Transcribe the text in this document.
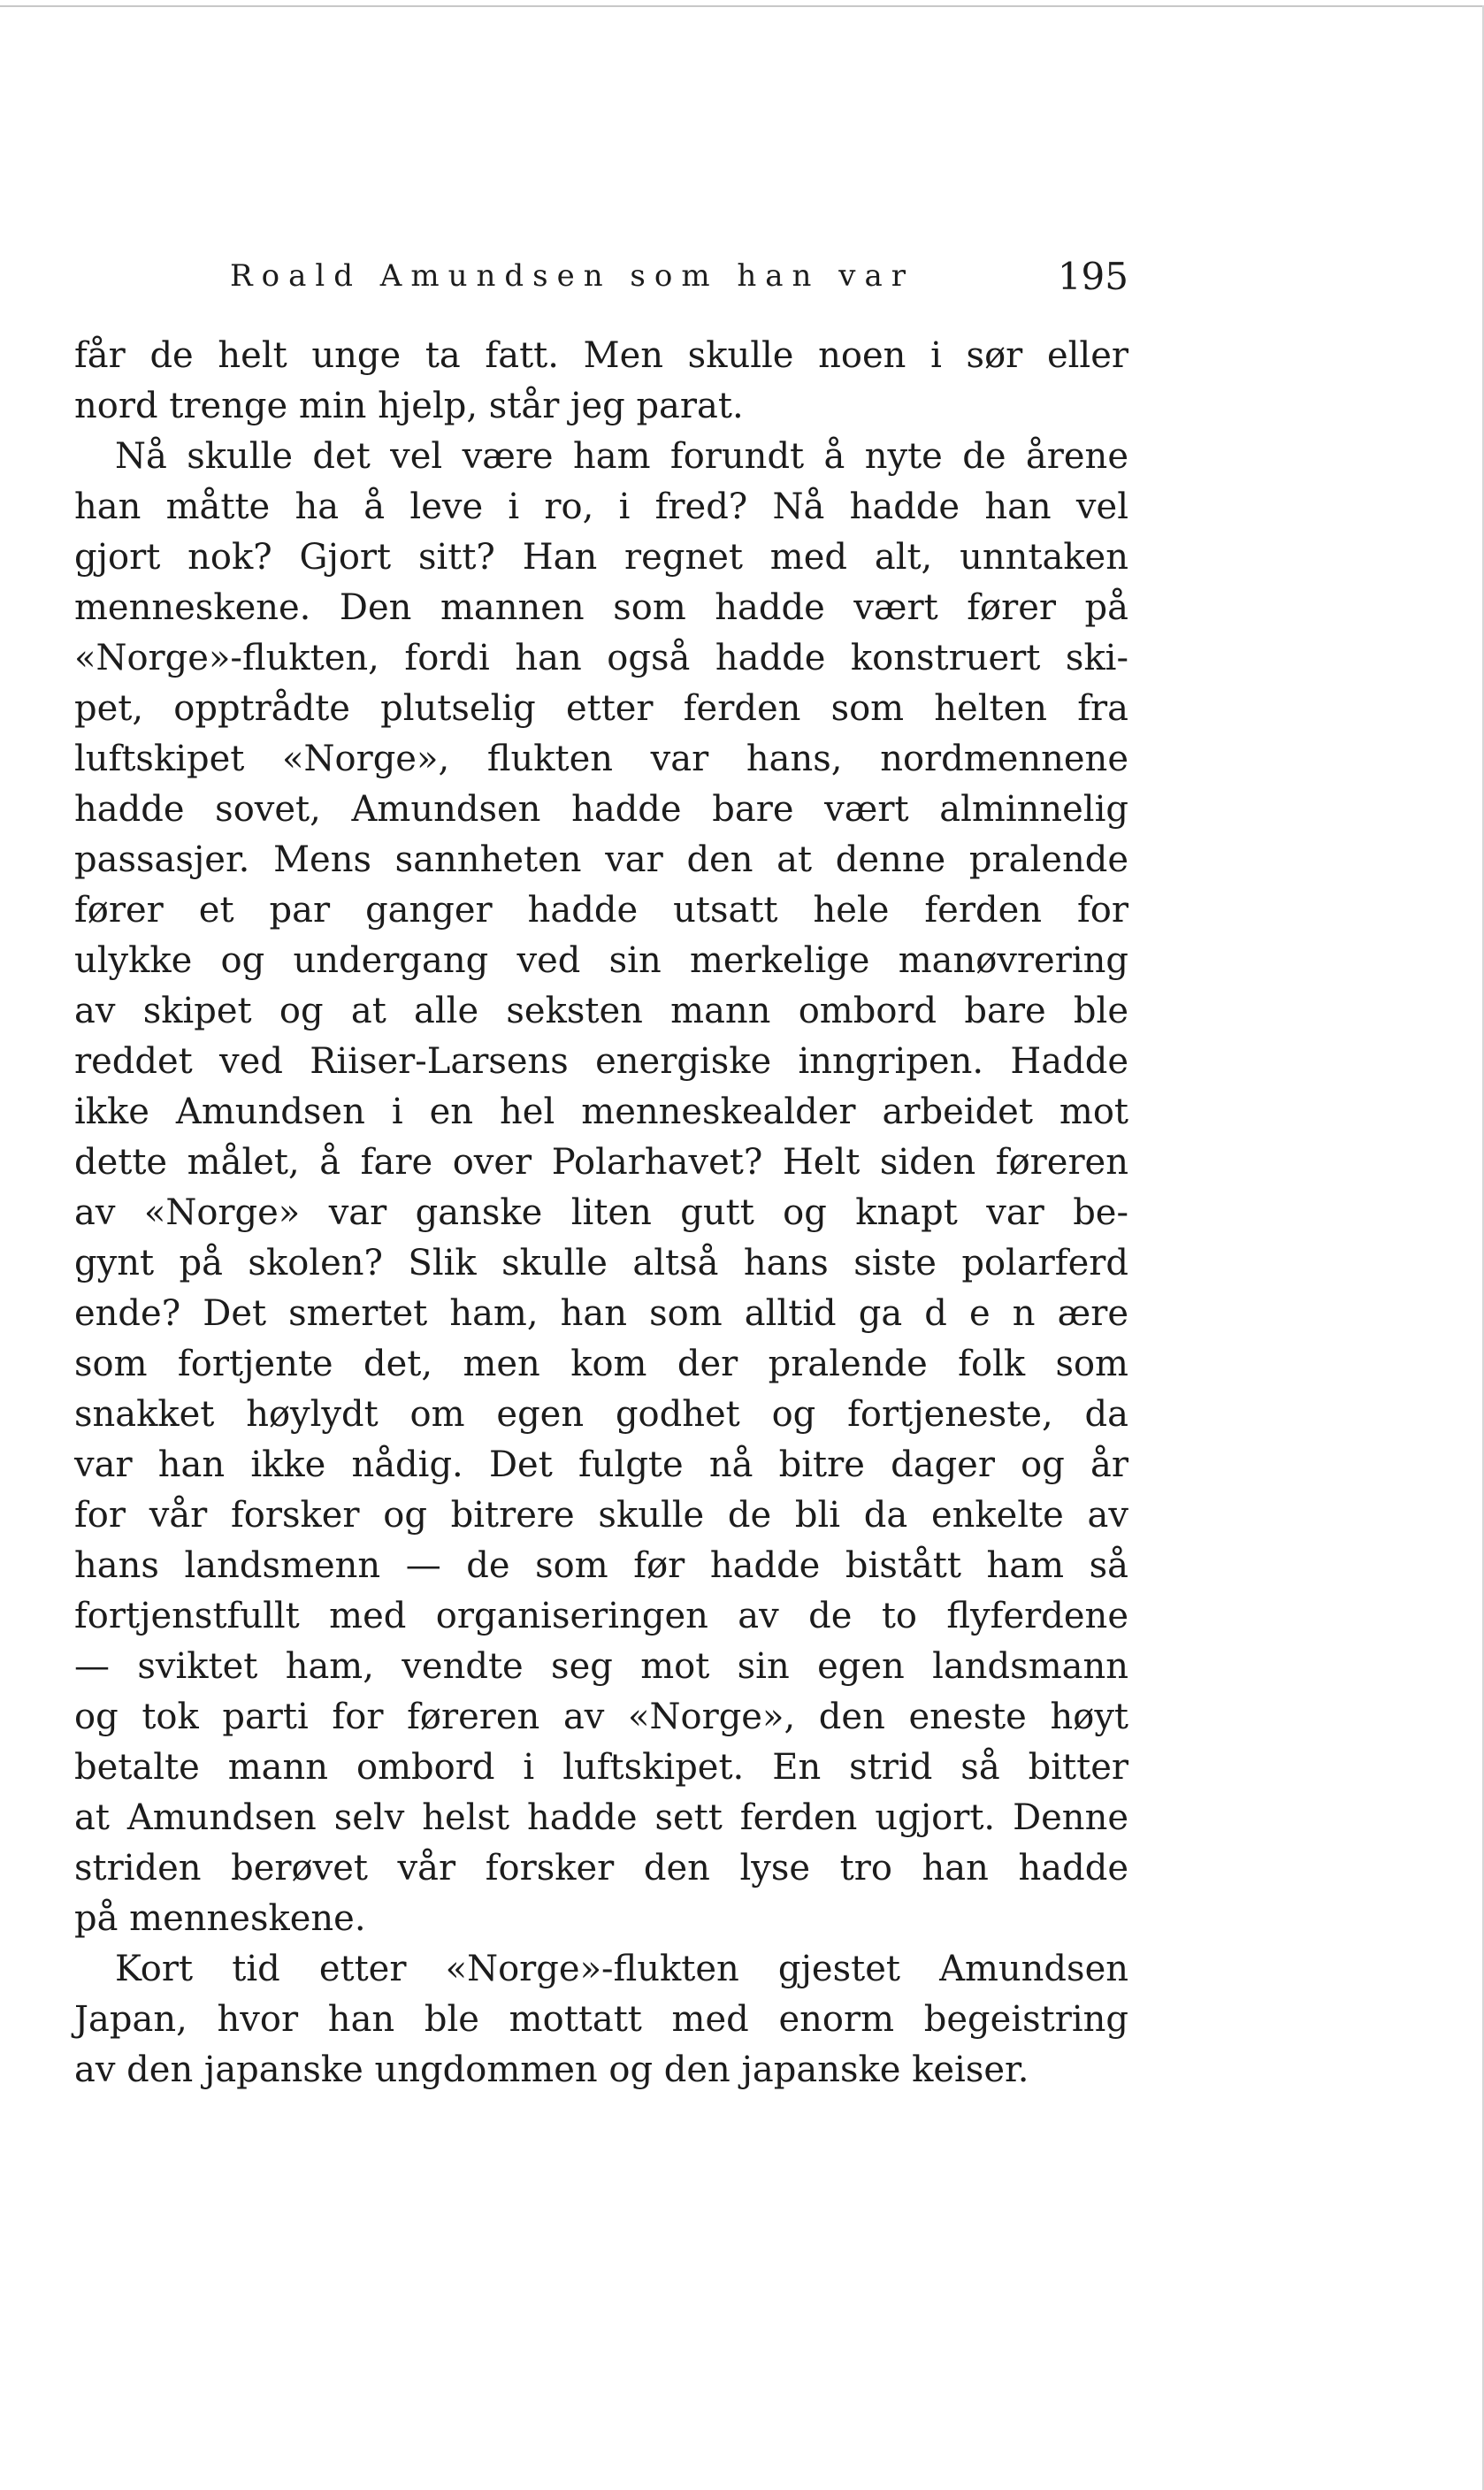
Roald Amundsen som han var	195
får de helt unge ta fatt. Men skulle noen i sør eller
nord trenge min hjelp, står jeg parat.
Nå skulle det vel være ham forundt å nyte de årene
han måtte ha å leve i ro, i fred? Nå hadde han vel
gjort nok? Gjort sitt? Han regnet med alt, unntaken
menneskene. Den mannen som hadde vært fører på
«Norge»-flukten, fordi han også hadde konstruert ski-
pet, opptrådte plutselig etter ferden som helten fra
luftskipet «Norge», flukten var hans, nordmennene
hadde sovet, Amundsen hadde bare vært alminnelig
passasjer. Mens sannheten var den at denne pralende
fører et par ganger hadde utsatt hele ferden for
ulykke og undergang ved sin merkelige manøvrering
av skipet og at alle seksten mann ombord bare ble
reddet ved Riiser-Larsens energiske inngripen. Hadde
ikke Amundsen i en hel menneskealder arbeidet mot
dette målet, å fare over Polarhavet? Helt siden føreren
av «Norge» var ganske liten gutt og knapt var be-
gynt på skolen? Slik skulle altså hans siste polarferd
ende? Det smertet ham, han som alltid ga d e n ære
som fortjente det, men kom der pralende folk som
snakket høylydt om egen godhet og fortjeneste, da
var han ikke nådig. Det fulgte nå bitre dager og år
for vår forsker og bitrere skulle de bli da enkelte av
hans landsmenn — de som før hadde bistått ham så
fortjenstfullt med organiseringen av de to flyferdene
— sviktet ham, vendte seg mot sin egen landsmann
og tok parti for føreren av «Norge», den eneste høyt
betalte mann ombord i luftskipet. En strid så bitter
at Amundsen selv helst hadde sett ferden ugjort. Denne
striden berøvet vår forsker den lyse tro han hadde
på menneskene.
Kort tid etter «Norge»-flukten gjestet Amundsen
Japan, hvor han ble mottatt med enorm begeistring
av den japanske ungdommen og den japanske keiser.
